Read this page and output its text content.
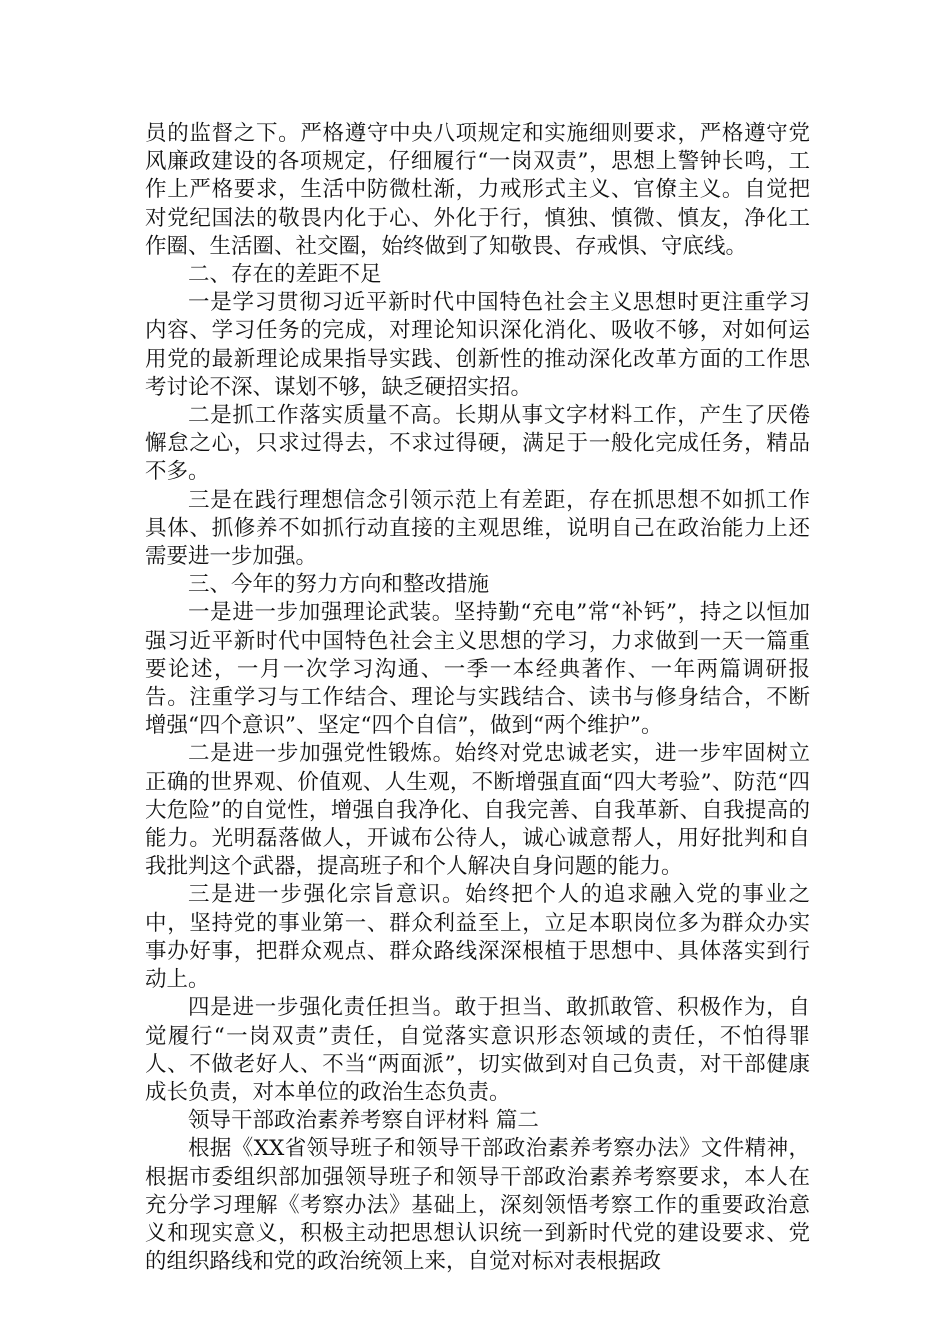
员的监督之下。严格遵守中央八项规定和实施细则要求，严格遵守党风廉政建设的各项规定，仔细履行“一岗双责”，思想上警钟长鸣，工作上严格要求，生活中防微杜渐，力戒形式主义、官僚主义。自觉把对党纪国法的敬畏内化于心、外化于行，慎独、慎微、慎友，净化工作圈、生活圈、社交圈，始终做到了知敬畏、存戒惧、守底线。

二、存在的差距不足

一是学习贯彻习近平新时代中国特色社会主义思想时更注重学习内容、学习任务的完成，对理论知识深化消化、吸收不够，对如何运用党的最新理论成果指导实践、创新性的推动深化改革方面的工作思考讨论不深、谋划不够，缺乏硬招实招。

二是抓工作落实质量不高。长期从事文字材料工作，产生了厌倦懈怠之心，只求过得去，不求过得硬，满足于一般化完成任务，精品不多。

三是在践行理想信念引领示范上有差距，存在抓思想不如抓工作具体、抓修养不如抓行动直接的主观思维，说明自己在政治能力上还需要进一步加强。

三、今年的努力方向和整改措施

一是进一步加强理论武装。坚持勤“充电”常“补钙”，持之以恒加强习近平新时代中国特色社会主义思想的学习，力求做到一天一篇重要论述，一月一次学习沟通、一季一本经典著作、一年两篇调研报告。注重学习与工作结合、理论与实践结合、读书与修身结合，不断增强“四个意识”、坚定“四个自信”，做到“两个维护”。

二是进一步加强党性锻炼。始终对党忠诚老实，进一步牢固树立正确的世界观、价值观、人生观，不断增强直面“四大考验”、防范“四大危险”的自觉性，增强自我净化、自我完善、自我革新、自我提高的能力。光明磊落做人，开诚布公待人，诚心诚意帮人，用好批判和自我批判这个武器，提高班子和个人解决自身问题的能力。

三是进一步强化宗旨意识。始终把个人的追求融入党的事业之中，坚持党的事业第一、群众利益至上，立足本职岗位多为群众办实事办好事，把群众观点、群众路线深深根植于思想中、具体落实到行动上。

四是进一步强化责任担当。敢于担当、敢抓敢管、积极作为，自觉履行“一岗双责”责任，自觉落实意识形态领域的责任，不怕得罪人、不做老好人、不当“两面派”，切实做到对自己负责，对干部健康成长负责，对本单位的政治生态负责。

领导干部政治素养考察自评材料 篇二

根据《XX省领导班子和领导干部政治素养考察办法》文件精神，根据市委组织部加强领导班子和领导干部政治素养考察要求，本人在充分学习理解《考察办法》基础上，深刻领悟考察工作的重要政治意义和现实意义，积极主动把思想认识统一到新时代党的建设要求、党的组织路线和党的政治统领上来，自觉对标对表根据政
